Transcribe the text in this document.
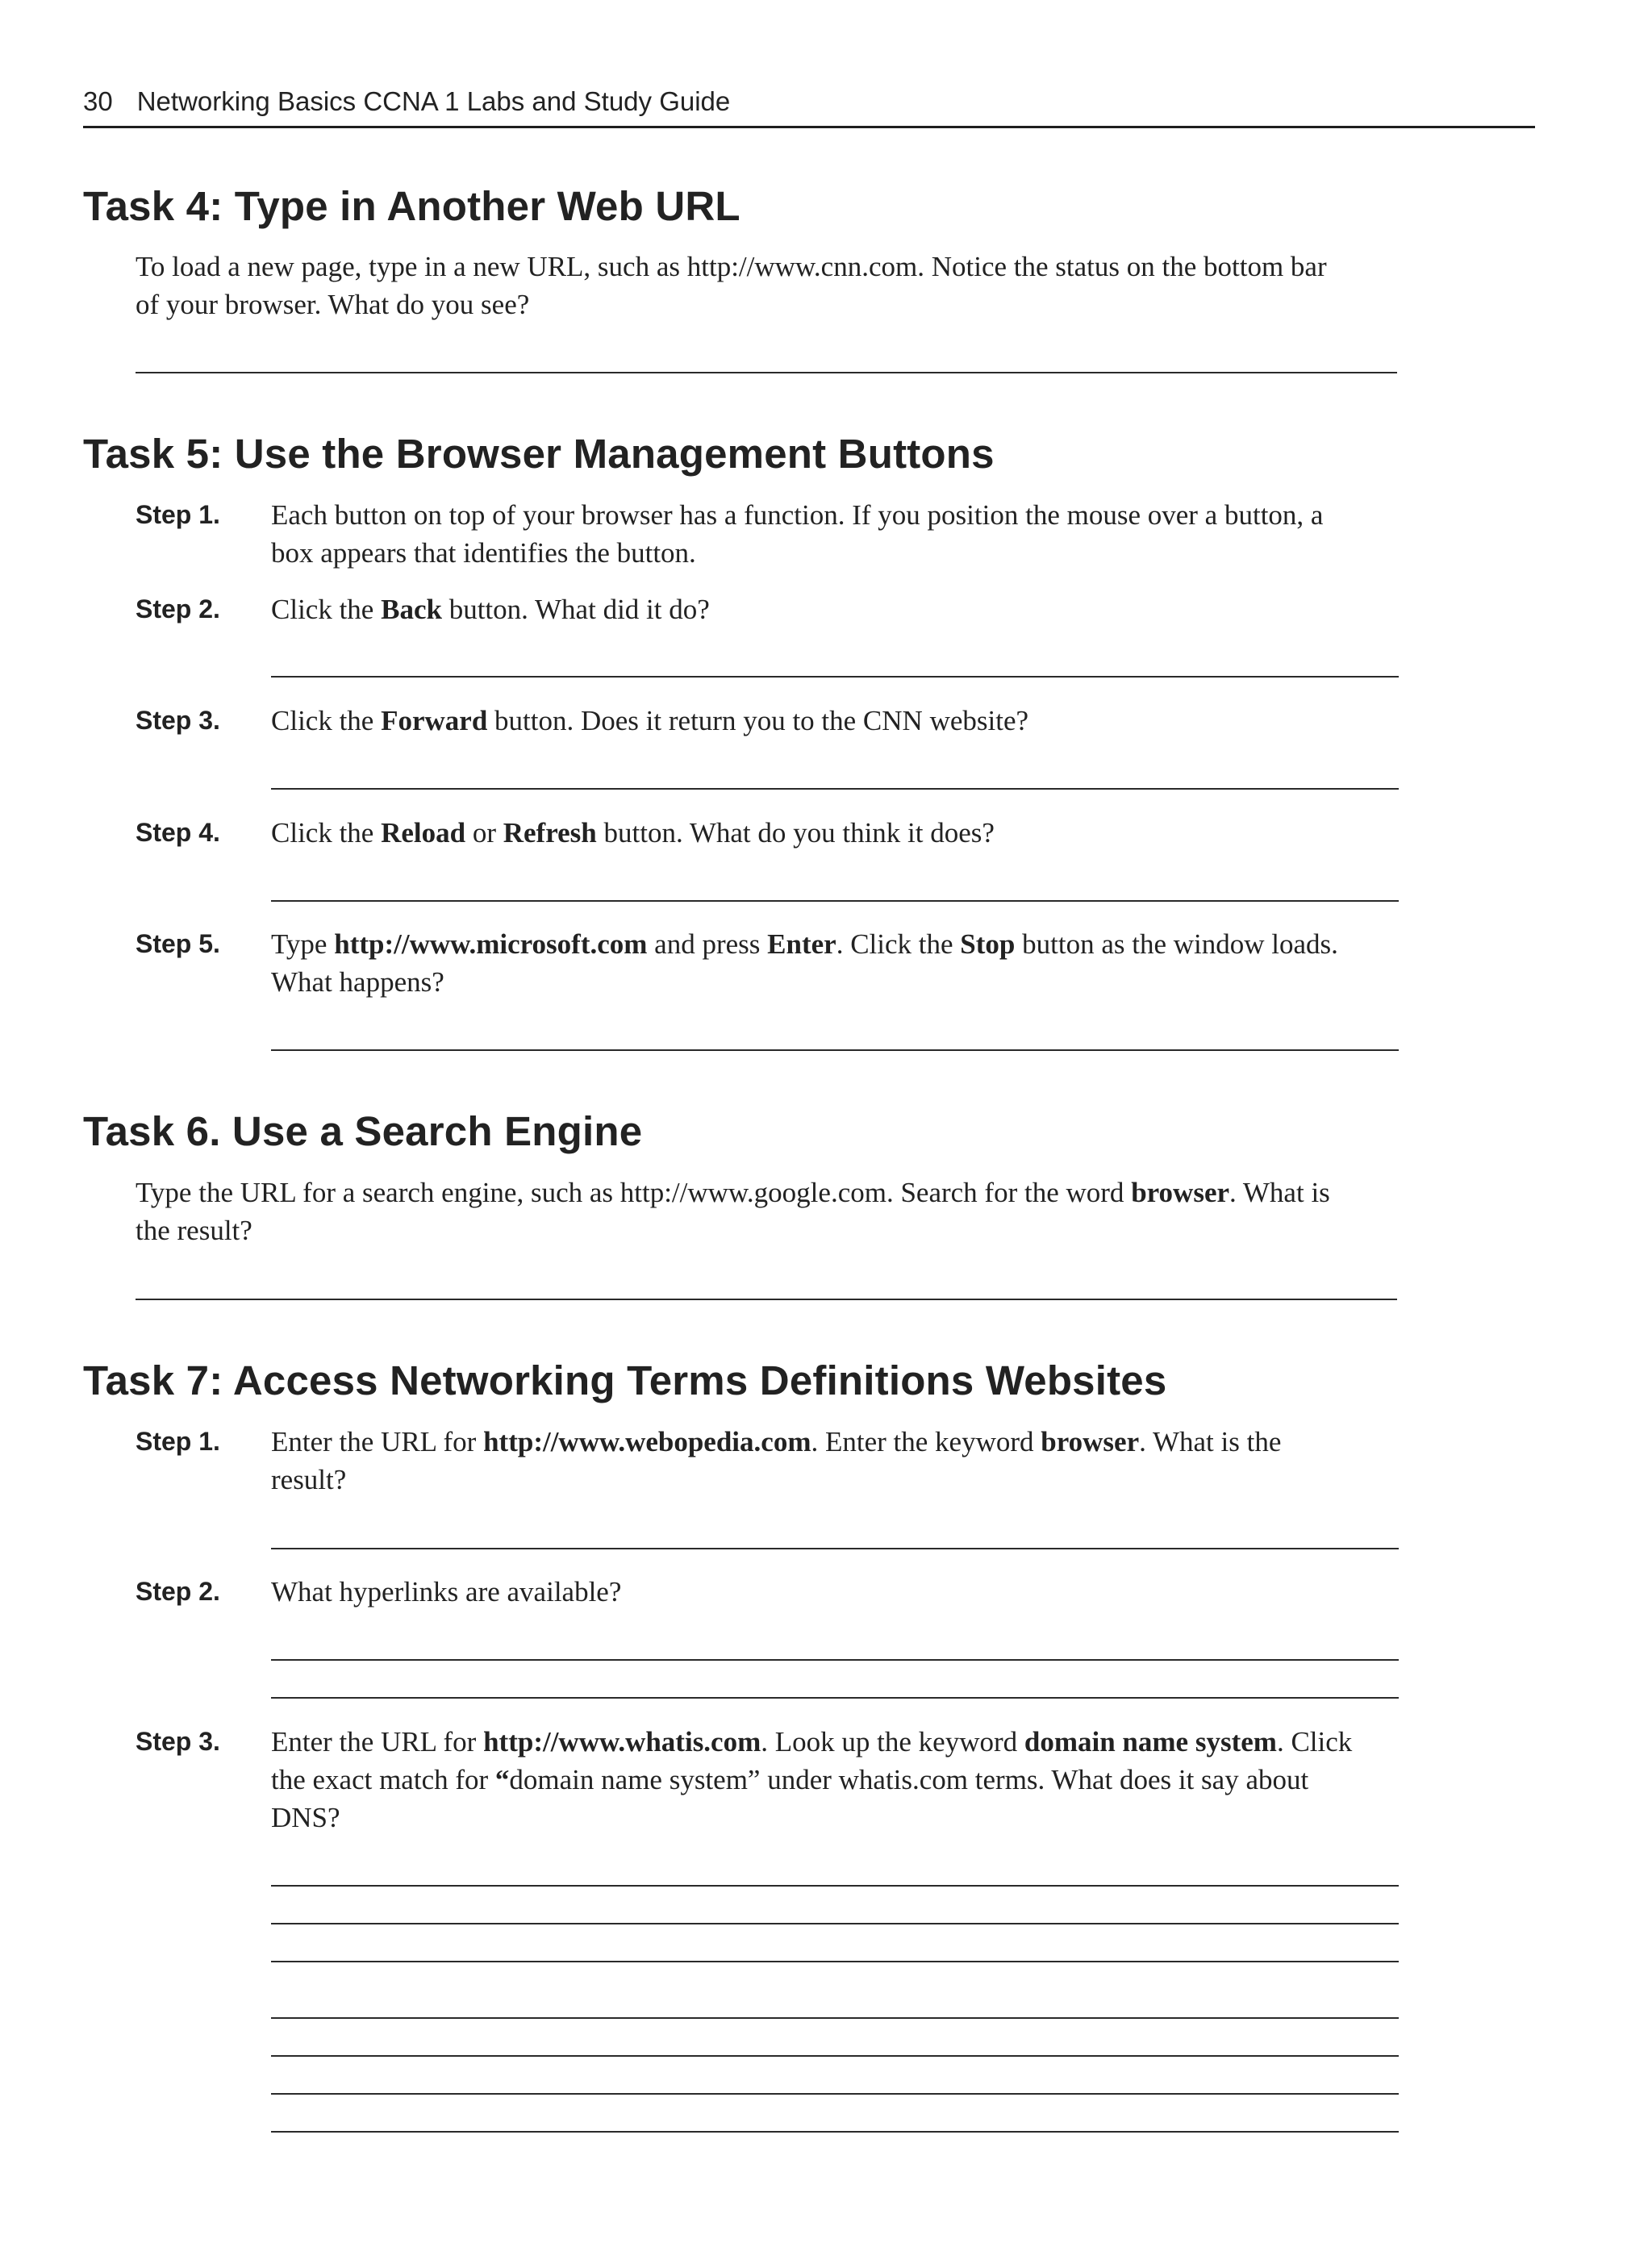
30 Networking Basics CCNA 1 Labs and Study Guide
Task 4: Type in Another Web URL

To load a new page, type in a new URL, such as http://www.cnn.com. Notice the status on the bottom bar

of your browser. What do you see?

Task 5: Use the Browser Management Buttons
Step 1. Each button on top of your browser has a function. If you position the mouse over a button, a

box appears that identifies the button.

Step 2. Click the Back button. What did it do?

Step 3. Click the Forward button. Does it return you to the CNN website?

Step 4. Click the Reload or Refresh button. What do you think it does?

Step 5. Type http://www.microsoft.com and press Enter. Click the Stop button as the window loads.

What happens?

Task 6. Use a Search Engine

Type the URL for a search engine, such as http://www.google.com. Search for the word browser. What is

the result?

Task 7: Access Networking Terms Definitions Websites
Step 1. Enter the URL for http://www.webopedia.com. Enter the keyword browser. What is the

result?

Step 2. What hyperlinks are available?

Step 3. Enter the URL for http://www.whatis.com. Look up the keyword domain name system. Click

the exact match for “domain name system” under whatis.com terms. What does it say about

DNS?
